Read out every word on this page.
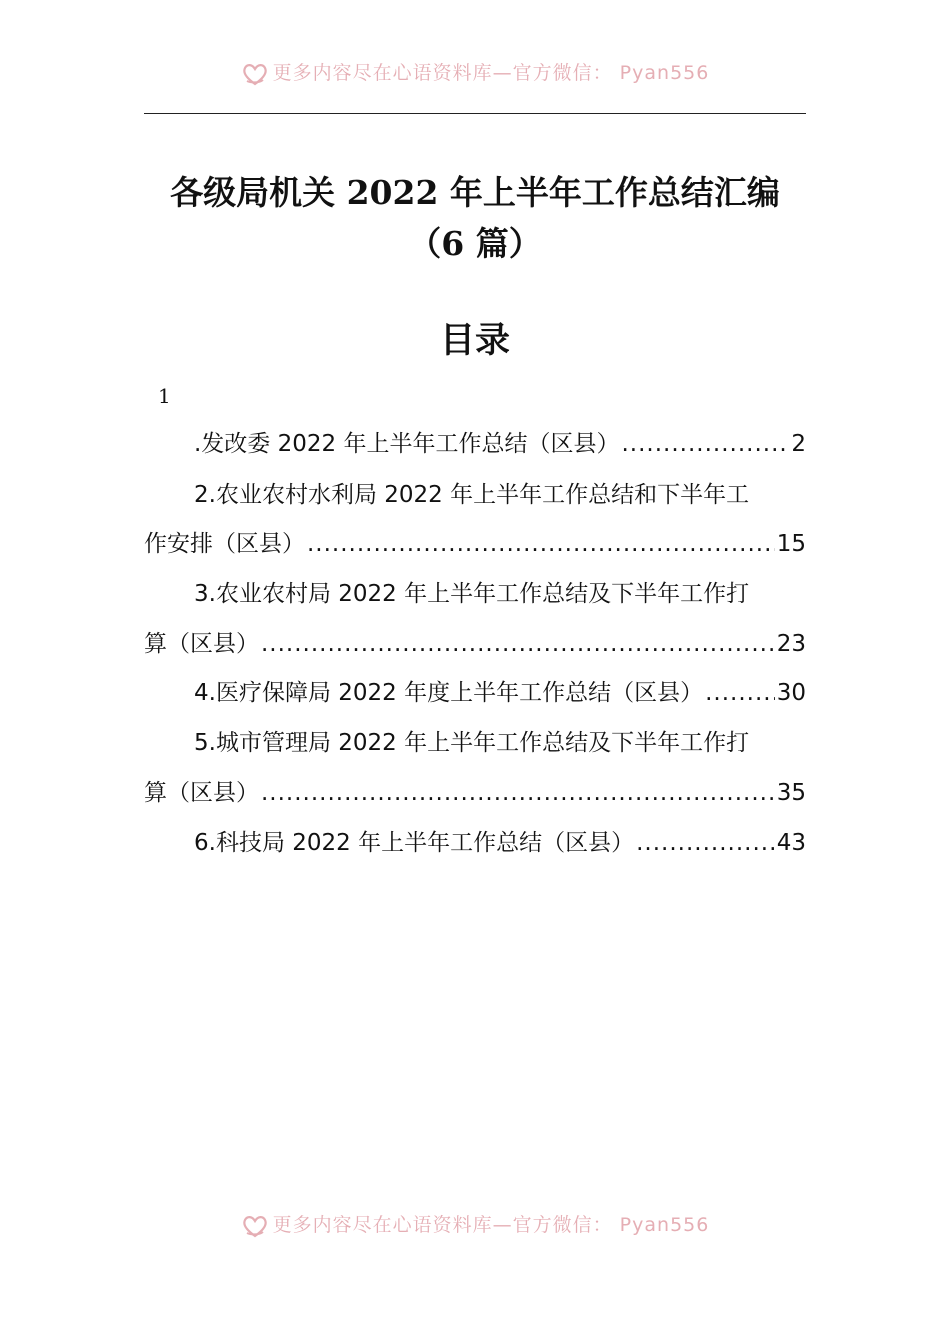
更多内容尽在心语资料库—官方微信： Pyan556
各级局机关 2022 年上半年工作总结汇编
（6 篇）
目录
1
.发改委 2022 年上半年工作总结（区县） .....	2
2.农业农村水利局 2022 年上半年工作总结和下半年工
作安排（区县） .....	15
3.农业农村局 2022 年上半年工作总结及下半年工作打
算（区县） .....	23
4.医疗保障局 2022 年度上半年工作总结（区县） .....	30
5.城市管理局 2022 年上半年工作总结及下半年工作打
算（区县） .....	35
6.科技局 2022 年上半年工作总结（区县） .....	43
更多内容尽在心语资料库—官方微信： Pyan556
